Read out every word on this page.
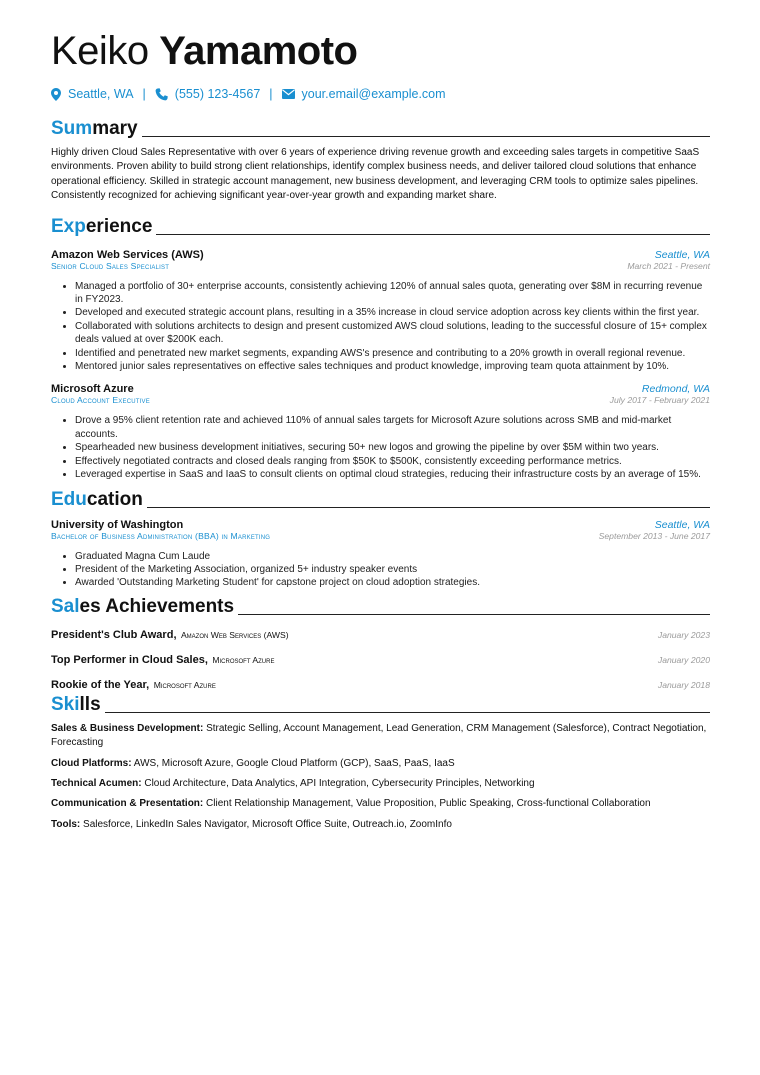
Keiko Yamamoto
Seattle, WA | (555) 123-4567 | your.email@example.com
Sum mary

Highly driven Cloud Sales Representative with over 6 years of experience driving revenue growth and exceeding sales targets in competitive SaaS environments. Proven ability to build strong client relationships, identify complex business needs, and deliver tailored cloud solutions that enhance operational efficiency. Skilled in strategic account management, new business development, and leveraging CRM tools to optimize sales pipelines. Consistently recognized for achieving significant year-over-year growth and expanding market share.

Exp erience
Amazon Web Services (AWS)	Seattle, WA
Senior Cloud Sales Specialist	March 2021 - Present
• Managed a portfolio of 30+ enterprise accounts, consistently achieving 120% of annual sales quota, generating over $8M in recurring revenue in FY2023.
• Developed and executed strategic account plans, resulting in a 35% increase in cloud service adoption across key clients within the first year.
• Collaborated with solutions architects to design and present customized AWS cloud solutions, leading to the successful closure of 15+ complex deals valued at over $200K each.
• Identified and penetrated new market segments, expanding AWS's presence and contributing to a 20% growth in overall regional revenue.
• Mentored junior sales representatives on effective sales techniques and product knowledge, improving team quota attainment by 10%.
Microsoft Azure	Redmond, WA
Cloud Account Executive	July 2017 - February 2021
• Drove a 95% client retention rate and achieved 110% of annual sales targets for Microsoft Azure solutions across SMB and mid-market accounts.
• Spearheaded new business development initiatives, securing 50+ new logos and growing the pipeline by over $5M within two years.
• Effectively negotiated contracts and closed deals ranging from $50K to $500K, consistently exceeding performance metrics.
• Leveraged expertise in SaaS and IaaS to consult clients on optimal cloud strategies, reducing their infrastructure costs by an average of 15%.
Edu cation
University of Washington	Seattle, WA
Bachelor of Business Administration (BBA) in Marketing	September 2013 - June 2017
• Graduated Magna Cum Laude
• President of the Marketing Association, organized 5+ industry speaker events
• Awarded 'Outstanding Marketing Student' for capstone project on cloud adoption strategies.
Sal es Achievements
President's Club Award, Amazon Web Services (AWS)	January 2023
Top Performer in Cloud Sales, Microsoft Azure	January 2020
Rookie of the Year, Microsoft Azure	January 2018
Ski lls
Sales & Business Development: Strategic Selling, Account Management, Lead Generation, CRM Management (Salesforce), Contract Negotiation, Forecasting
Cloud Platforms: AWS, Microsoft Azure, Google Cloud Platform (GCP), SaaS, PaaS, IaaS
Technical Acumen: Cloud Architecture, Data Analytics, API Integration, Cybersecurity Principles, Networking
Communication & Presentation: Client Relationship Management, Value Proposition, Public Speaking, Cross-functional Collaboration
Tools: Salesforce, LinkedIn Sales Navigator, Microsoft Office Suite, Outreach.io, ZoomInfo
